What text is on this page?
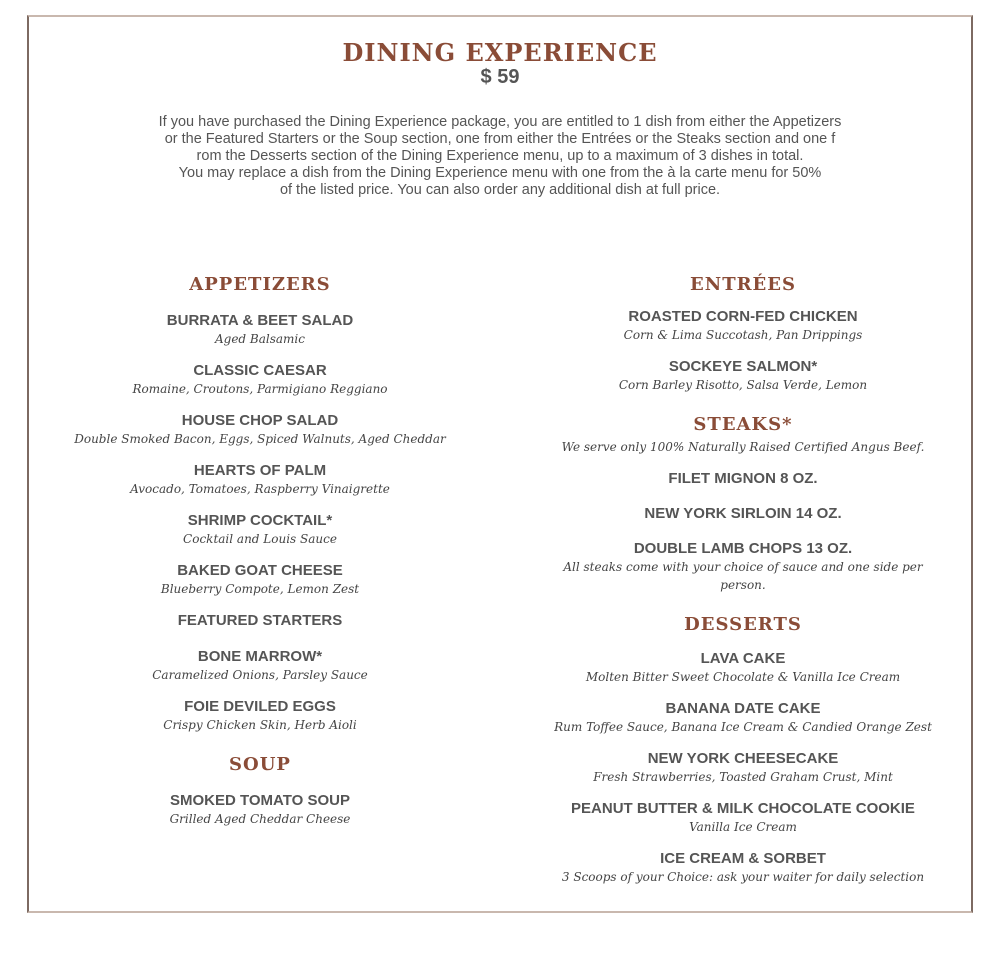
DINING EXPERIENCE
$ 59

If you have purchased the Dining Experience package, you are entitled to 1 dish from either the Appetizers

or the Featured Starters or the Soup section, one from either the Entrées or the Steaks section and one f

rom the Desserts section of the Dining Experience menu, up to a maximum of 3 dishes in total.

You may replace a dish from the Dining Experience menu with one from the à la carte menu for 50%

of the listed price. You can also order any additional dish at full price.

APPETIZERS

BURRATA & BEET SALAD

Aged Balsamic

CLASSIC CAESAR

Romaine, Croutons, Parmigiano Reggiano

HOUSE CHOP SALAD

Double Smoked Bacon, Eggs, Spiced Walnuts, Aged Cheddar

HEARTS OF PALM

Avocado, Tomatoes, Raspberry Vinaigrette

SHRIMP COCKTAIL*

Cocktail and Louis Sauce

BAKED GOAT CHEESE

Blueberry Compote, Lemon Zest

FEATURED STARTERS

BONE MARROW*

Caramelized Onions, Parsley Sauce

FOIE DEVILED EGGS

Crispy Chicken Skin, Herb Aioli

SOUP

SMOKED TOMATO SOUP

Grilled Aged Cheddar Cheese

ENTRÉES

ROASTED CORN-FED CHICKEN

Corn & Lima Succotash, Pan Drippings

SOCKEYE SALMON*

Corn Barley Risotto, Salsa Verde, Lemon

STEAKS*

We serve only 100% Naturally Raised Certified Angus Beef.

FILET MIGNON 8 OZ.

NEW YORK SIRLOIN 14 OZ.

DOUBLE LAMB CHOPS 13 OZ.

All steaks come with your choice of sauce and one side per person.

DESSERTS

LAVA CAKE

Molten Bitter Sweet Chocolate & Vanilla Ice Cream

BANANA DATE CAKE

Rum Toffee Sauce, Banana Ice Cream & Candied Orange Zest

NEW YORK CHEESECAKE

Fresh Strawberries, Toasted Graham Crust, Mint

PEANUT BUTTER & MILK CHOCOLATE COOKIE

Vanilla Ice Cream

ICE CREAM & SORBET

3 Scoops of your Choice: ask your waiter for daily selection
